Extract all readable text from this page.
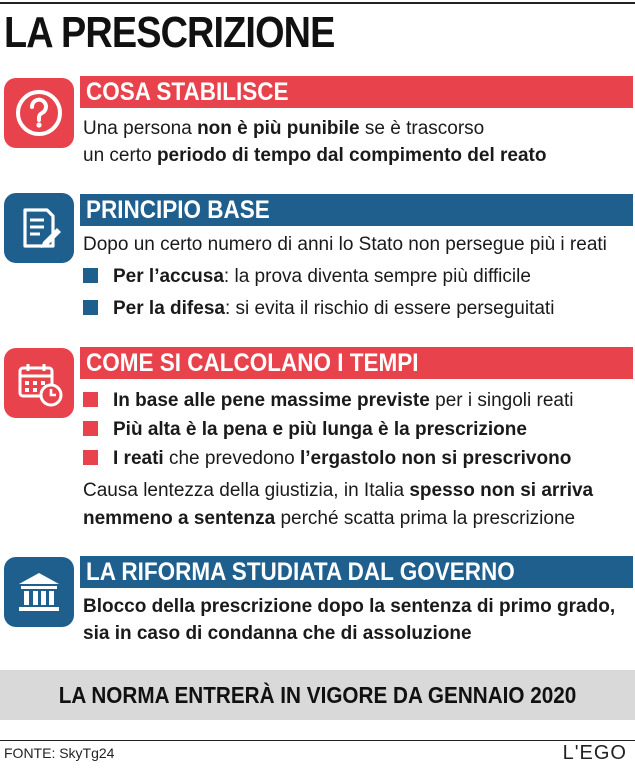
LA PRESCRIZIONE
COSA STABILISCE
Una persona non è più punibile se è trascorso
un certo periodo di tempo dal compimento del reato
PRINCIPIO BASE
Dopo un certo numero di anni lo Stato non persegue più i reati
Per l’accusa: la prova diventa sempre più difficile
Per la difesa: si evita il rischio di essere perseguitati
COME SI CALCOLANO I TEMPI
In base alle pene massime previste per i singoli reati
Più alta è la pena e più lunga è la prescrizione
I reati che prevedono l’ergastolo non si prescrivono
Causa lentezza della giustizia, in Italia spesso non si arriva
nemmeno a sentenza perché scatta prima la prescrizione
LA RIFORMA STUDIATA DAL GOVERNO
Blocco della prescrizione dopo la sentenza di primo grado,
sia in caso di condanna che di assoluzione
LA NORMA ENTRERÀ IN VIGORE DA GENNAIO 2020
FONTE: SkyTg24	L'EGO
